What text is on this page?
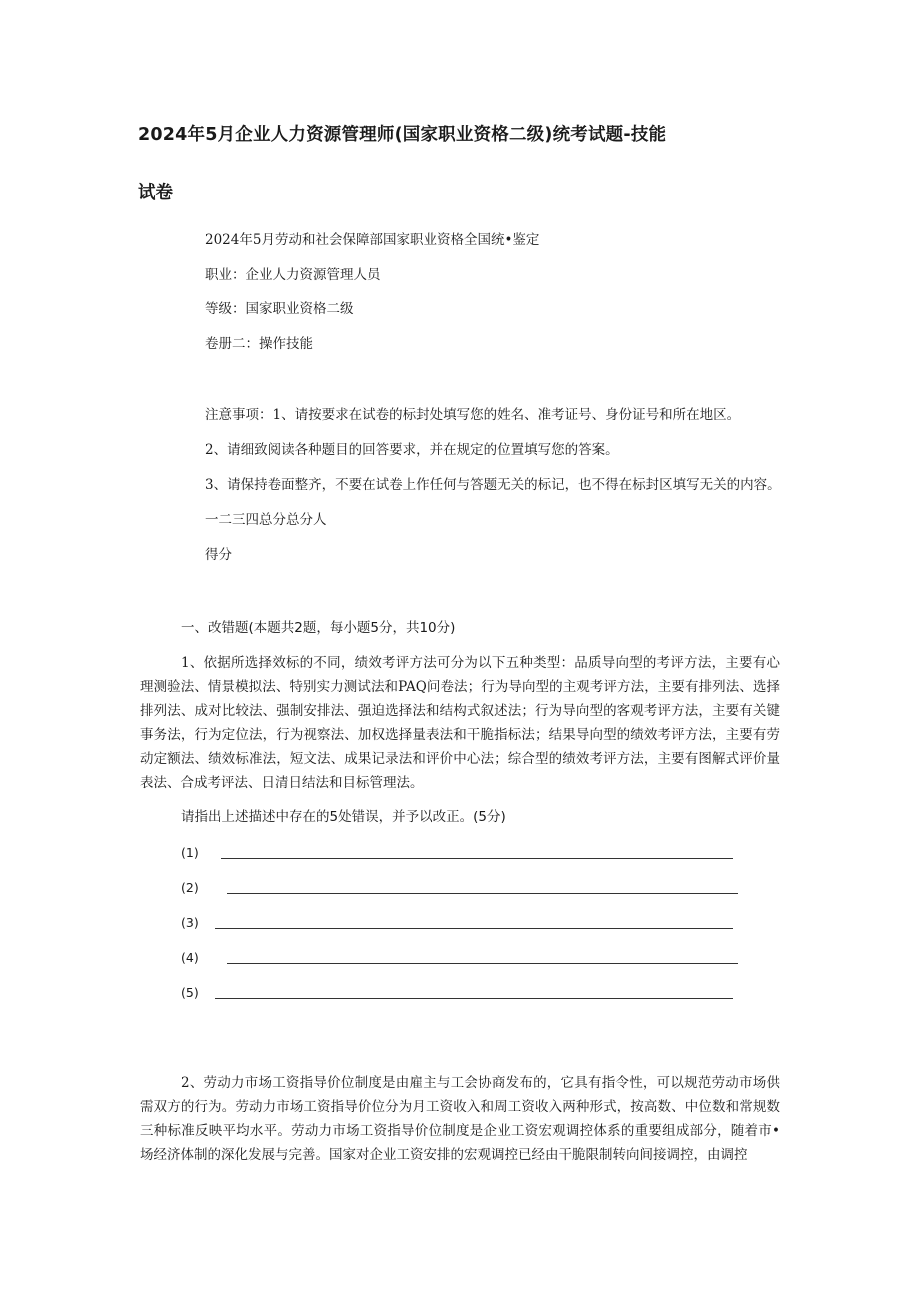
2024年5月企业人力资源管理师(国家职业资格二级)统考试题-技能
试卷
2024年5月劳动和社会保障部国家职业资格全国统•鉴定
职业：企业人力资源管理人员
等级：国家职业资格二级
卷册二：操作技能
注意事项：1、请按要求在试卷的标封处填写您的姓名、准考证号、身份证号和所在地区。
2、请细致阅读各种题目的回答要求，并在规定的位置填写您的答案。
3、请保持卷面整齐，不要在试卷上作任何与答题无关的标记，也不得在标封区填写无关的内容。
一二三四总分总分人
得分
一、改错题(本题共2题，每小题5分，共10分)
1、依据所选择效标的不同，绩效考评方法可分为以下五种类型：品质导向型的考评方法，主要有心理测验法、情景模拟法、特别实力测试法和PAQ问卷法；行为导向型的主观考评方法，主要有排列法、选择排列法、成对比较法、强制安排法、强迫选择法和结构式叙述法；行为导向型的客观考评方法，主要有关键事务法，行为定位法，行为视察法、加权选择量表法和干脆指标法；结果导向型的绩效考评方法，主要有劳动定额法、绩效标准法，短文法、成果记录法和评价中心法；综合型的绩效考评方法，主要有图解式评价量表法、合成考评法、日清日结法和目标管理法。
请指出上述描述中存在的5处错误，并予以改正。(5分)
(1)
(2)
(3)
(4)
(5)
2、劳动力市场工资指导价位制度是由雇主与工会协商发布的，它具有指令性，可以规范劳动市场供需双方的行为。劳动力市场工资指导价位分为月工资收入和周工资收入两种形式，按高数、中位数和常规数三种标准反映平均水平。劳动力市场工资指导价位制度是企业工资宏观调控体系的重要组成部分，随着市•场经济体制的深化发展与完善。国家对企业工资安排的宏观调控已经由干脆限制转向间接调控，由调控
